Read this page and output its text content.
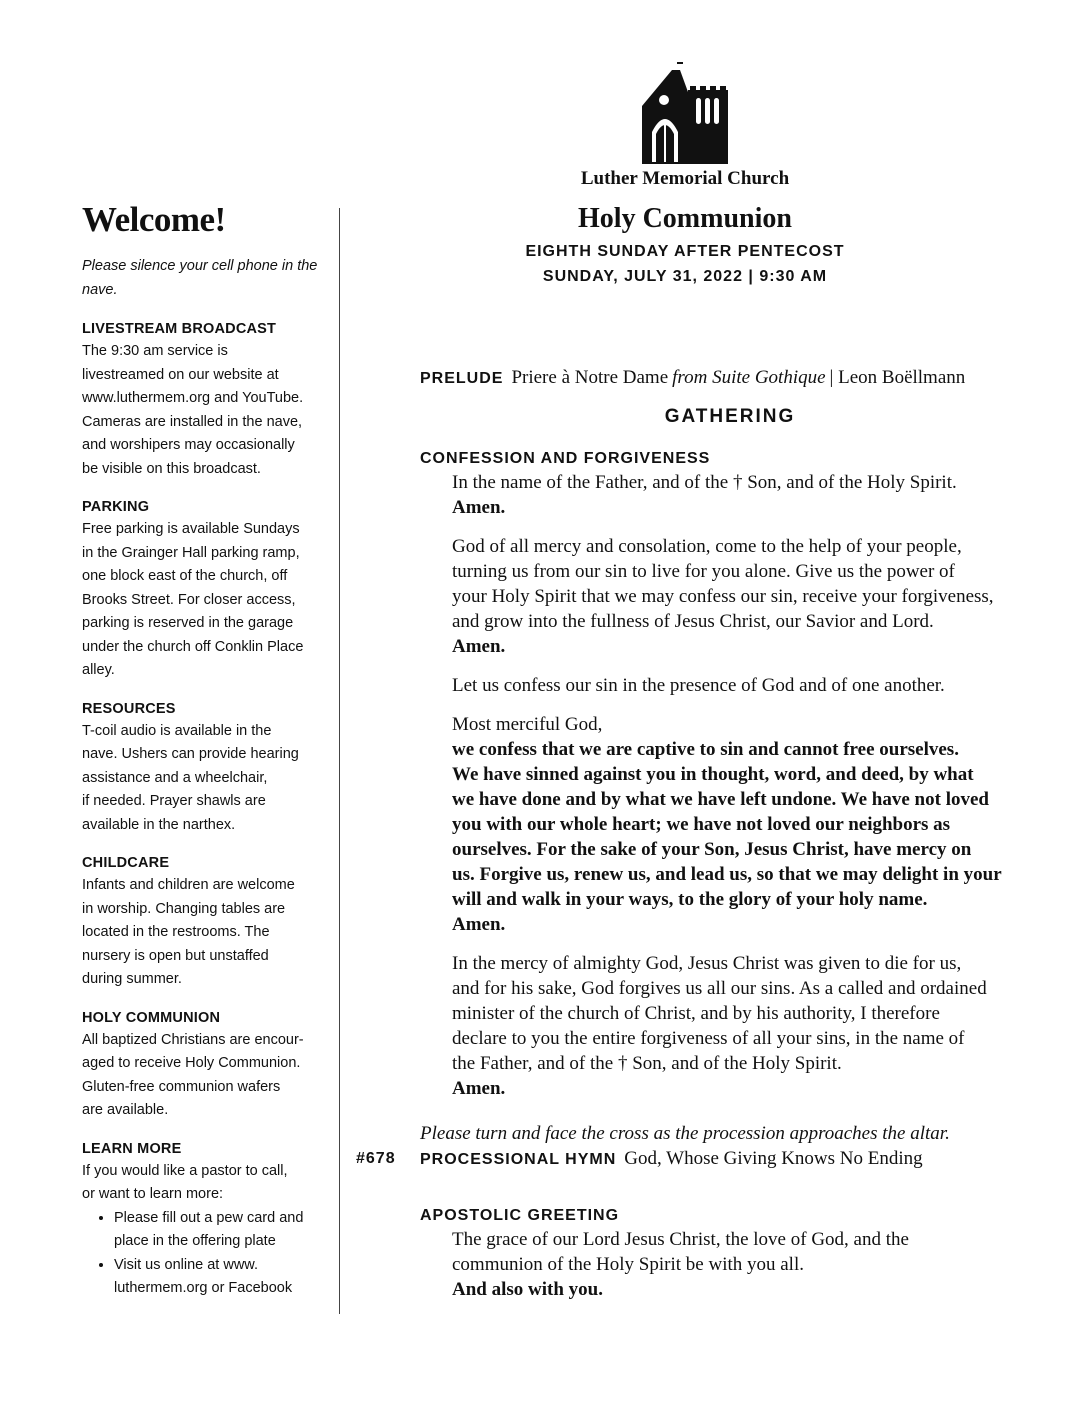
Luther Memorial Church
Holy Communion
EIGHTH SUNDAY AFTER PENTECOST
SUNDAY, JULY 31, 2022 | 9:30 AM
Welcome!

Please silence your cell phone in the nave.

LIVESTREAM BROADCAST
The 9:30 am service is
livestreamed on our website at
www.luthermem.org and YouTube.
Cameras are installed in the nave,
and worshipers may occasionally
be visible on this broadcast.
PARKING
Free parking is available Sundays
in the Grainger Hall parking ramp,
one block east of the church, off
Brooks Street. For closer access,
parking is reserved in the garage
under the church off Conklin Place
alley.
RESOURCES
T-coil audio is available in the
nave. Ushers can provide hearing
assistance and a wheelchair,
if needed. Prayer shawls are
available in the narthex.
CHILDCARE
Infants and children are welcome
in worship. Changing tables are
located in the restrooms. The
nursery is open but unstaffed
during summer.
HOLY COMMUNION
All baptized Christians are encour-
aged to receive Holy Communion.
Gluten-free communion wafers
are available.
LEARN MORE
If you would like a pastor to call,
or want to learn more:
• Please fill out a pew card and
place in the offering plate
• Visit us online at www.
luthermem.org or Facebook
PRELUDE Priere à Notre Dame from Suite Gothique | Leon Boëllmann
GATHERING
CONFESSION AND FORGIVENESS
In the name of the Father, and of the † Son, and of the Holy Spirit.
Amen.
God of all mercy and consolation, come to the help of your people,
turning us from our sin to live for you alone. Give us the power of
your Holy Spirit that we may confess our sin, receive your forgiveness,
and grow into the fullness of Jesus Christ, our Savior and Lord.
Amen.
Let us confess our sin in the presence of God and of one another.
Most merciful God,
we confess that we are captive to sin and cannot free ourselves.
We have sinned against you in thought, word, and deed, by what
we have done and by what we have left undone. We have not loved
you with our whole heart; we have not loved our neighbors as
ourselves. For the sake of your Son, Jesus Christ, have mercy on
us. Forgive us, renew us, and lead us, so that we may delight in your
will and walk in your ways, to the glory of your holy name.
Amen.
In the mercy of almighty God, Jesus Christ was given to die for us,
and for his sake, God forgives us all our sins. As a called and ordained
minister of the church of Christ, and by his authority, I therefore
declare to you the entire forgiveness of all your sins, in the name of
the Father, and of the † Son, and of the Holy Spirit.
Amen.
Please turn and face the cross as the procession approaches the altar.
#678 PROCESSIONAL HYMN God, Whose Giving Knows No Ending
APOSTOLIC GREETING
The grace of our Lord Jesus Christ, the love of God, and the
communion of the Holy Spirit be with you all.
And also with you.
